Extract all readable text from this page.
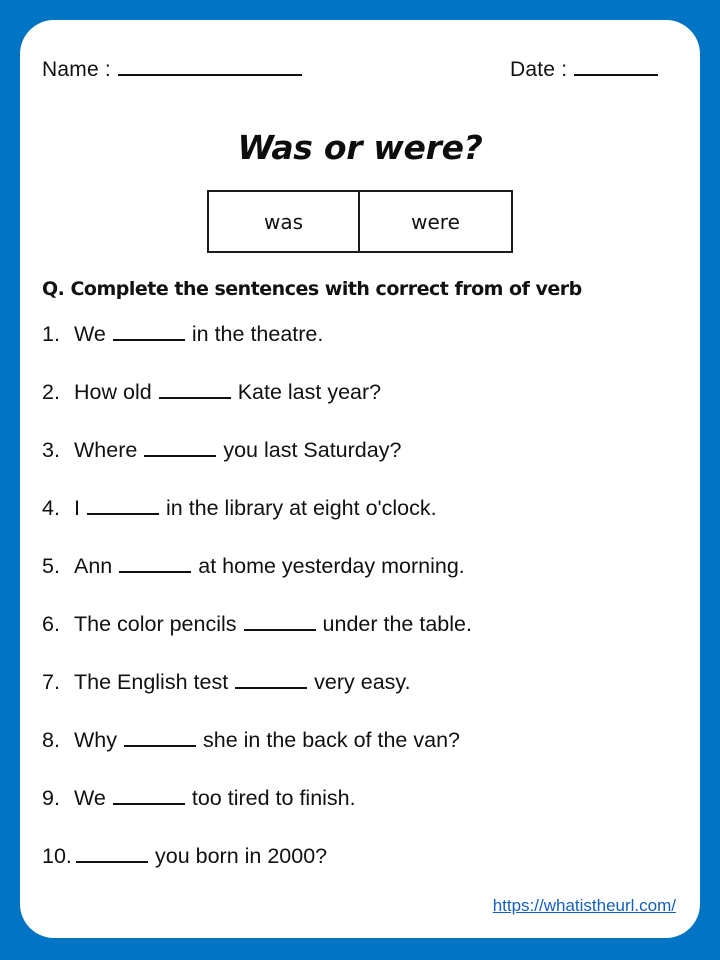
Name :	Date :
Was or were?
was	were
Q. Complete the sentences with correct from of verb
1. We	in the theatre.
2. How old	Kate last year?
3. Where	you last Saturday?
4. I	in the library at eight o'clock.
5. Ann	at home yesterday morning.
6. The color pencils	under the table.
7. The English test	very easy.
8. Why	she in the back of the van?
9. We	too tired to finish.
10.	you born in 2000?
https://whatistheurl.com/
